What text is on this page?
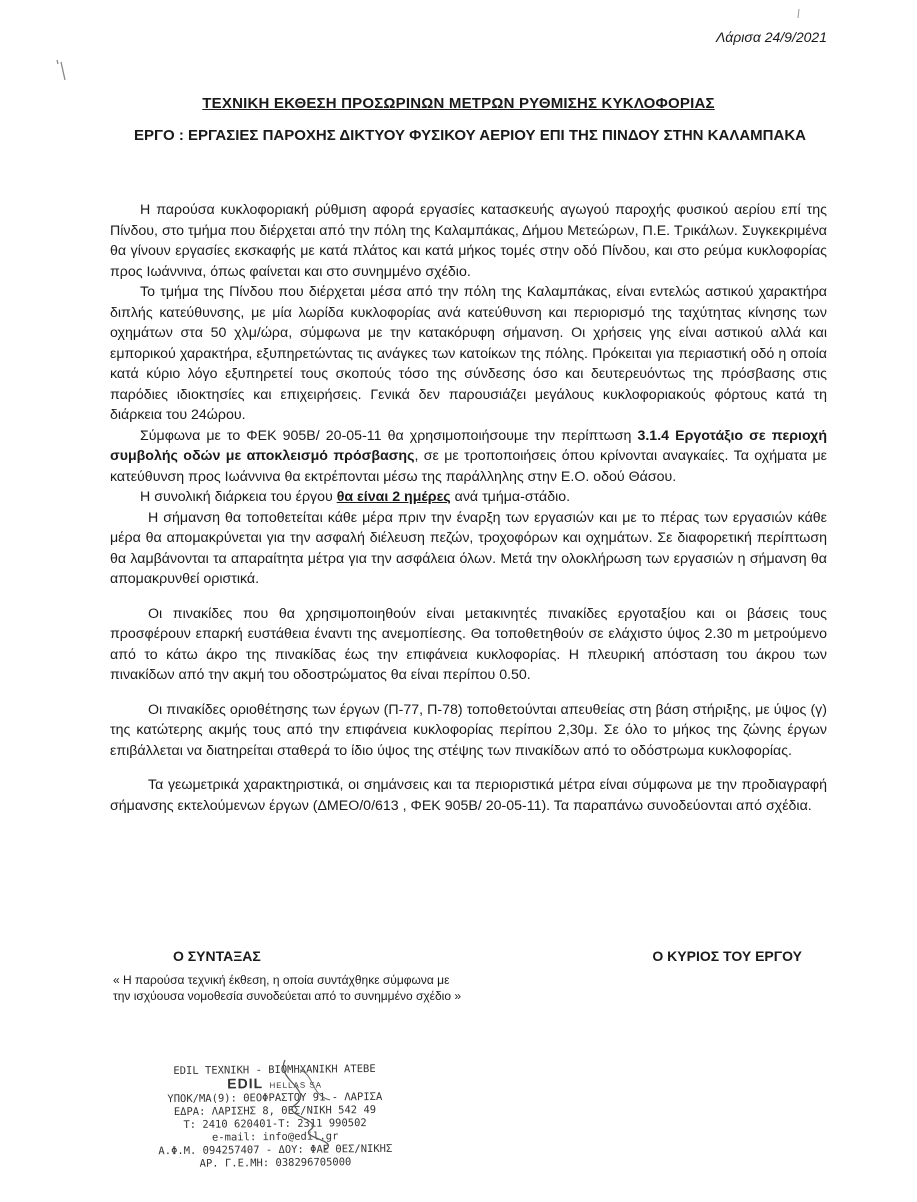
Λάρισα 24/9/2021
ΤΕΧΝΙΚΗ ΕΚΘΕΣΗ ΠΡΟΣΩΡΙΝΩΝ ΜΕΤΡΩΝ ΡΥΘΜΙΣΗΣ ΚΥΚΛΟΦΟΡΙΑΣ
ΕΡΓΟ : ΕΡΓΑΣΙΕΣ ΠΑΡΟΧΗΣ ΔΙΚΤΥΟΥ ΦΥΣΙΚΟΥ ΑΕΡΙΟΥ ΕΠΙ ΤΗΣ ΠΙΝΔΟΥ ΣΤΗΝ ΚΑΛΑΜΠΑΚΑ

Η παρούσα κυκλοφοριακή ρύθμιση αφορά εργασίες κατασκευής αγωγού παροχής φυσικού αερίου επί της Πίνδου, στο τμήμα που διέρχεται από την πόλη της Καλαμπάκας, Δήμου Μετεώρων, Π.Ε. Τρικάλων. Συγκεκριμένα θα γίνουν εργασίες εκσκαφής με κατά πλάτος και κατά μήκος τομές στην οδό Πίνδου, και στο ρεύμα κυκλοφορίας προς Ιωάννινα, όπως φαίνεται και στο συνημμένο σχέδιο.

Το τμήμα της Πίνδου που διέρχεται μέσα από την πόλη της Καλαμπάκας, είναι εντελώς αστικού χαρακτήρα διπλής κατεύθυνσης, με μία λωρίδα κυκλοφορίας ανά κατεύθυνση και περιορισμό της ταχύτητας κίνησης των οχημάτων στα 50 χλμ/ώρα, σύμφωνα με την κατακόρυφη σήμανση. Οι χρήσεις γης είναι αστικού αλλά και εμπορικού χαρακτήρα, εξυπηρετώντας τις ανάγκες των κατοίκων της πόλης. Πρόκειται για περιαστική οδό η οποία κατά κύριο λόγο εξυπηρετεί τους σκοπούς τόσο της σύνδεσης όσο και δευτερευόντως της πρόσβασης στις παρόδιες ιδιοκτησίες και επιχειρήσεις. Γενικά δεν παρουσιάζει μεγάλους κυκλοφοριακούς φόρτους κατά τη διάρκεια του 24ώρου.

Σύμφωνα με το ΦΕΚ 905Β/ 20-05-11 θα χρησιμοποιήσουμε την περίπτωση 3.1.4 Εργοτάξιο σε περιοχή συμβολής οδών με αποκλεισμό πρόσβασης, σε με τροποποιήσεις όπου κρίνονται αναγκαίες. Τα οχήματα με κατεύθυνση προς Ιωάννινα θα εκτρέπονται μέσω της παράλληλης στην Ε.Ο. οδού Θάσου.

Η συνολική διάρκεια του έργου θα είναι 2 ημέρες ανά τμήμα-στάδιο.

Η σήμανση θα τοποθετείται κάθε μέρα πριν την έναρξη των εργασιών και με το πέρας των εργασιών κάθε μέρα θα απομακρύνεται για την ασφαλή διέλευση πεζών, τροχοφόρων και οχημάτων. Σε διαφορετική περίπτωση θα λαμβάνονται τα απαραίτητα μέτρα για την ασφάλεια όλων. Μετά την ολοκλήρωση των εργασιών η σήμανση θα απομακρυνθεί οριστικά.

Οι πινακίδες που θα χρησιμοποιηθούν είναι μετακινητές πινακίδες εργοταξίου και οι βάσεις τους προσφέρουν επαρκή ευστάθεια έναντι της ανεμοπίεσης. Θα τοποθετηθούν σε ελάχιστο ύψος 2.30 m μετρούμενο από το κάτω άκρο της πινακίδας έως την επιφάνεια κυκλοφορίας. Η πλευρική απόσταση του άκρου των πινακίδων από την ακμή του οδοστρώματος θα είναι περίπου 0.50.

Οι πινακίδες οριοθέτησης των έργων (Π-77, Π-78) τοποθετούνται απευθείας στη βάση στήριξης, με ύψος (γ) της κατώτερης ακμής τους από την επιφάνεια κυκλοφορίας περίπου 2,30μ. Σε όλο το μήκος της ζώνης έργων επιβάλλεται να διατηρείται σταθερά το ίδιο ύψος της στέψης των πινακίδων από το οδόστρωμα κυκλοφορίας.

Τα γεωμετρικά χαρακτηριστικά, οι σημάνσεις και τα περιοριστικά μέτρα είναι σύμφωνα με την προδιαγραφή σήμανσης εκτελούμενων έργων (ΔΜΕΟ/0/613 , ΦΕΚ 905Β/ 20-05-11). Τα παραπάνω συνοδεύονται από σχέδια.

Ο ΣΥΝΤΑΞΑΣ	Ο ΚΥΡΙΟΣ ΤΟΥ ΕΡΓΟΥ
« Η παρούσα τεχνική έκθεση, η οποία συντάχθηκε σύμφωνα με την ισχύουσα νομοθεσία συνοδεύεται από το συνημμένο σχέδιο »
EDIL ΤΕΧΝΙΚΗ - ΒΙΟΜΗΧΑΝΙΚΗ ΑΤΕΒΕ
EDIL HELLAS SA
ΥΠΟΚ/ΜΑ(9): ΘΕΟΦΡΑΣΤΟΥ 91 - ΛΑΡΙΣΑ
ΕΔΡΑ: ΛΑΡΙΣΗΣ 8, ΘΕΣ/ΝΙΚΗ 542 49
Τ: 2410 620401-Τ: 2311 990502
e-mail: info@edil.gr
Α.Φ.Μ. 094257407 - ΔΟΥ: ΦΑΕ ΘΕΣ/ΝΙΚΗΣ
ΑΡ. Γ.Ε.ΜΗ: 038296705000
